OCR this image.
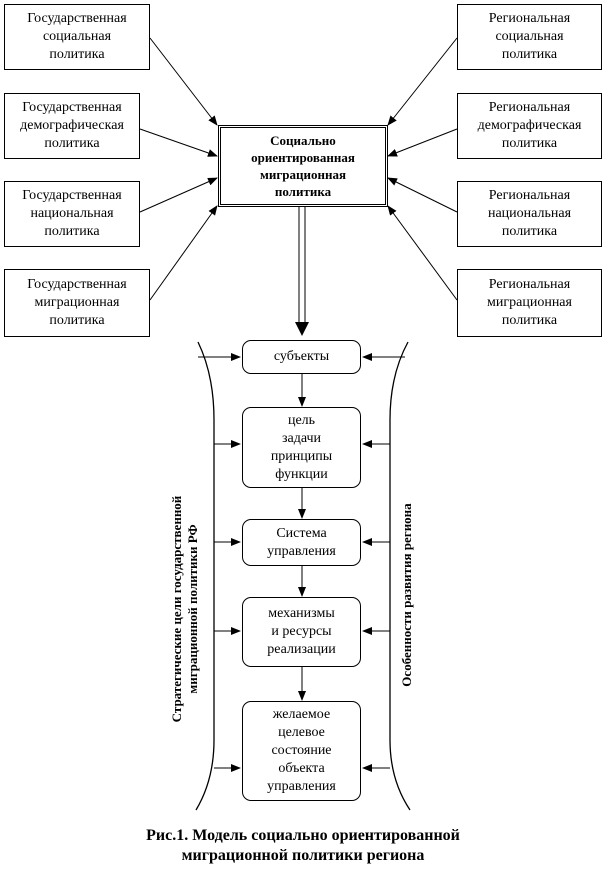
Государственная
социальная
политика
Государственная
демографическая
политика
Государственная
национальная
политика
Государственная
миграционная
политика
Региональная
социальная
политика
Региональная
демографическая
политика
Региональная
национальная
политика
Региональная
миграционная
политика
Социально
ориентированная
миграционная
политика
субъекты
цель
задачи
принципы
функции
Система
управления
механизмы
и ресурсы
реализации
желаемое
целевое
состояние
объекта
управления
Стратегические цели государственной
миграционной политики РФ	Особенности развития региона
Рис.1. Модель социально ориентированной
миграционной политики региона
